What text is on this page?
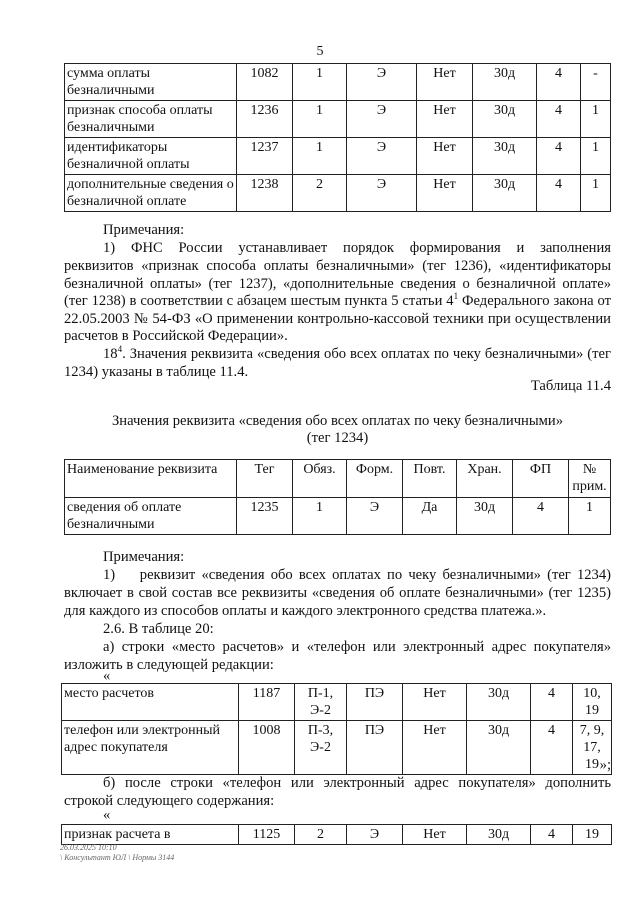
5
сумма оплаты безналичными	1082	1	Э	Нет	30д	4	-
признак способа оплаты безналичными	1236	1	Э	Нет	30д	4	1
идентификаторы безналичной оплаты	1237	1	Э	Нет	30д	4	1
дополнительные сведения о безналичной оплате	1238	2	Э	Нет	30д	4	1

Примечания:

1) ФНС России устанавливает порядок формирования и заполнения

реквизитов «признак способа оплаты безналичными» (тег 1236), «идентификаторы безналичной оплаты» (тег 1237), «дополнительные сведения о безналичной оплате» (тег 1238) в соответствии с абзацем шестым пункта 5 статьи $4^1$ Федерального закона от 22.05.2003 № 54-ФЗ «О применении контрольно-кассовой техники при осуществлении расчетов в Российской Федерации».

$18^4$. Значения реквизита «сведения обо всех оплатах по чеку безналичными» (тег 1234) указаны в таблице 11.4.

Таблица 11.4

Значения реквизита «сведения обо всех оплатах по чеку безналичными»

(тег 1234)

Наименование реквизита	Тег	Обяз.	Форм.	Повт.	Хран.	ФП	№ прим.
сведения об оплате безналичными	1235	1	Э	Да	30д	4	1

Примечания:

1)    реквизит «сведения обо всех оплатах по чеку безналичными» (тег 1234)

включает в свой состав все реквизиты «сведения об оплате безналичными» (тег 1235) для каждого из способов оплаты и каждого электронного средства платежа.».

2.6. В таблице 20:

а) строки «место расчетов» и «телефон или электронный адрес покупателя» изложить в следующей редакции:

«

место расчетов	1187	П-1, Э-2	ПЭ	Нет	30д	4	10, 19
телефон или электронный адрес покупателя	1008	П-3, Э-2	ПЭ	Нет	30д	4	7, 9, 17, 19 »;

б) после строки «телефон или электронный адрес покупателя» дополнить строкой следующего содержания:

«

признак расчета в	1125	2	Э	Нет	30д	4	19
26.03.2025 10:10
\ Консультант ЮЛ \ Нормы 3144
